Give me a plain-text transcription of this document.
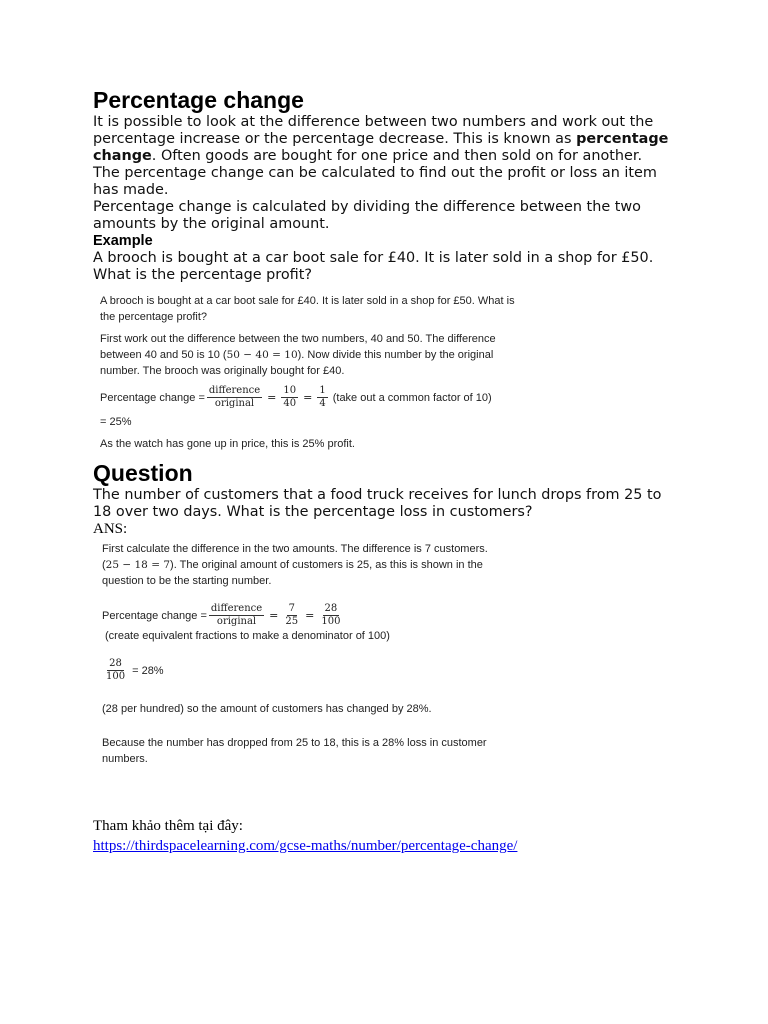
Percentage change

It is possible to look at the difference between two numbers and work out the percentage increase or the percentage decrease. This is known as percentage change. Often goods are bought for one price and then sold on for another. The percentage change can be calculated to find out the profit or loss an item has made.

Percentage change is calculated by dividing the difference between the two amounts by the original amount.

Example

A brooch is bought at a car boot sale for £40. It is later sold in a shop for £50. What is the percentage profit?

A brooch is bought at a car boot sale for £40. It is later sold in a shop for £50. What is the percentage profit?

First work out the difference between the two numbers, 40 and 50. The difference between 40 and 50 is 10 (50 − 40 = 10). Now divide this number by the original number. The brooch was originally bought for £40.

Percentage change = $\frac{\text{difference}}{\text{original}} = \frac{10}{40} = \frac{1}{4}$ (take out a common factor of 10)

= 25%

As the watch has gone up in price, this is 25% profit.

Question

The number of customers that a food truck receives for lunch drops from 25 to 18 over two days. What is the percentage loss in customers?

ANS:

First calculate the difference in the two amounts. The difference is 7 customers. (25 − 18 = 7). The original amount of customers is 25, as this is shown in the question to be the starting number.

Percentage change = $\frac{\text{difference}}{\text{original}} = \frac{7}{25} = \frac{28}{100}$
(create equivalent fractions to make a denominator of 100)

$\frac{28}{100} = 28\%$

(28 per hundred) so the amount of customers has changed by 28%.

Because the number has dropped from 25 to 18, this is a 28% loss in customer numbers.

Tham khảo thêm tại đây:

https://thirdspacelearning.com/gcse-maths/number/percentage-change/
